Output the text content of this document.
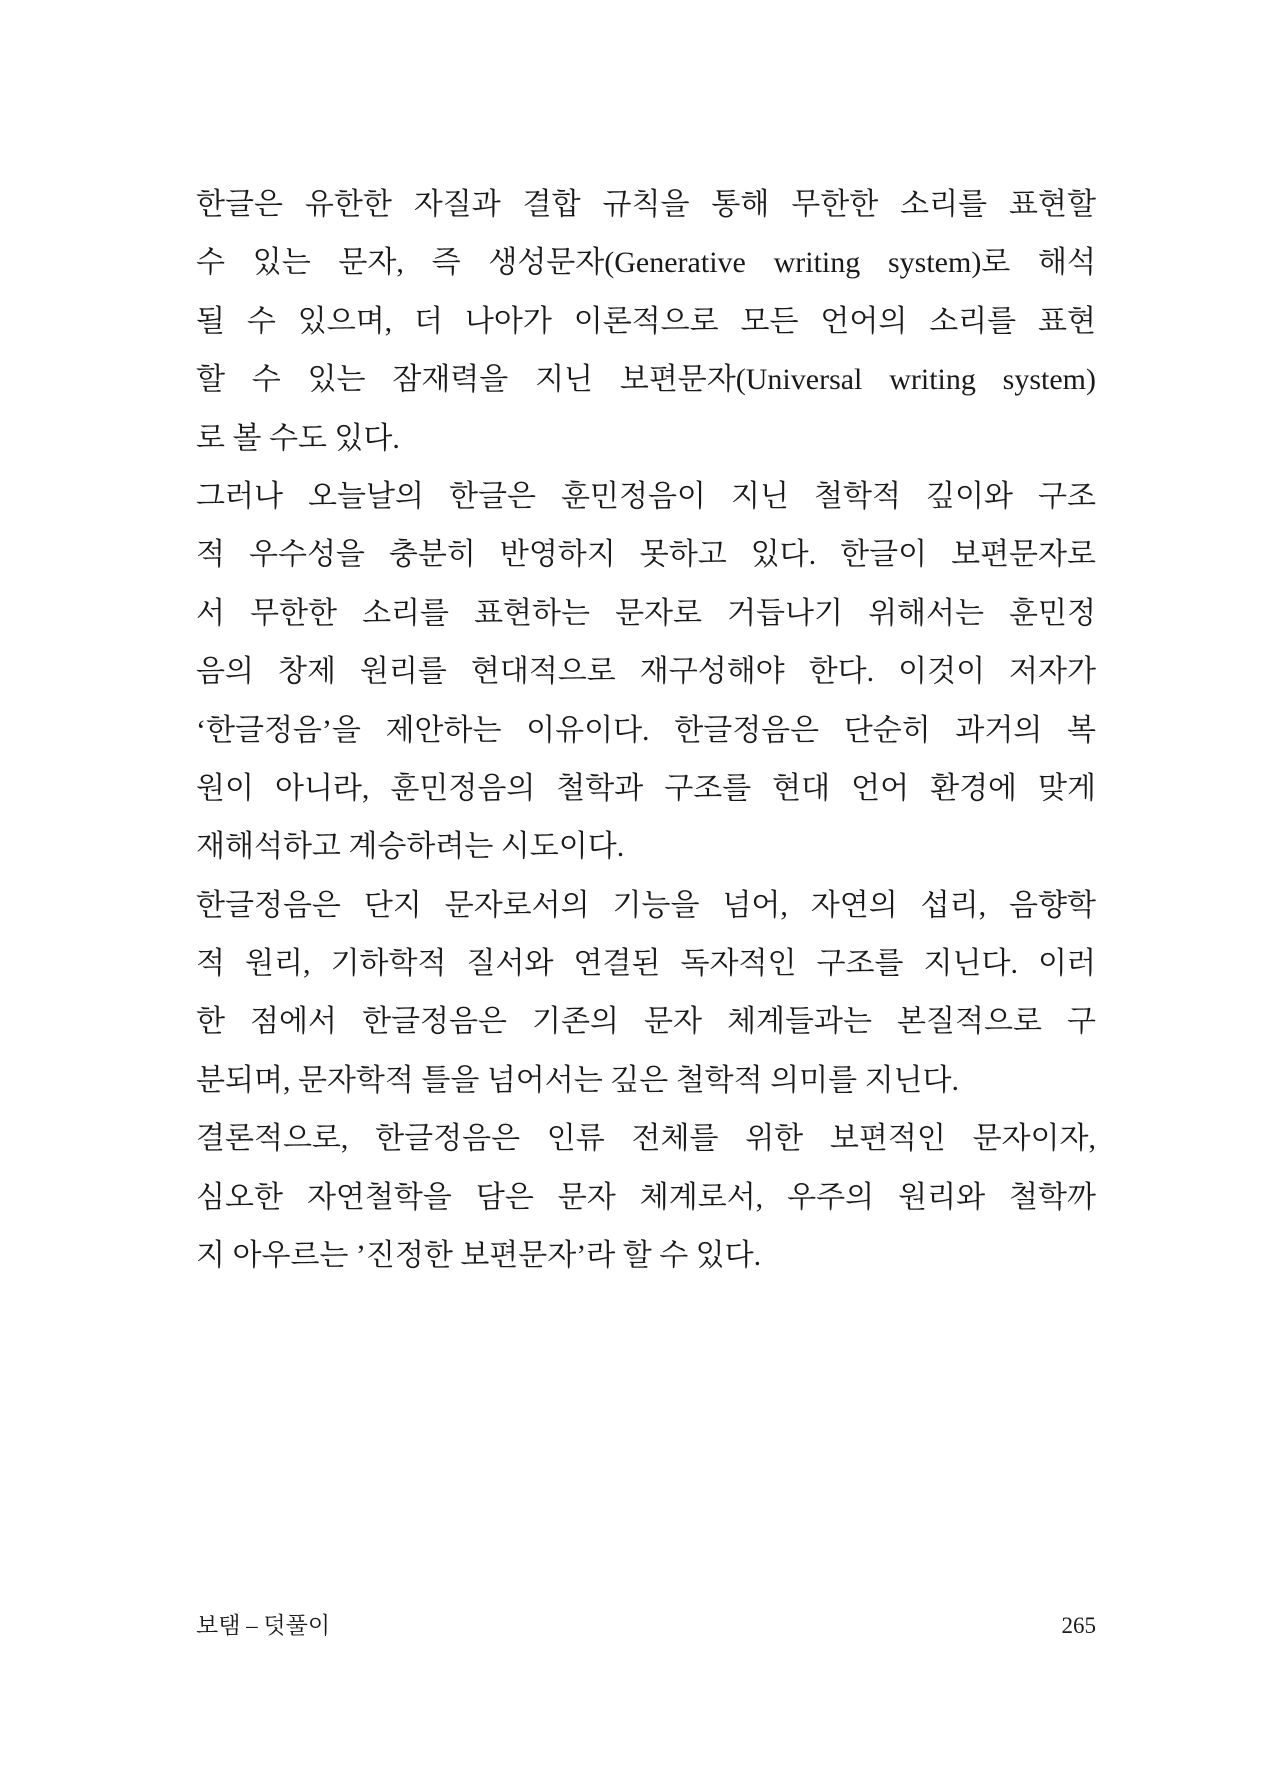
한글은 유한한 자질과 결합 규칙을 통해 무한한 소리를 표현할
수 있는 문자, 즉 생성문자(Generative writing system)로 해석
될 수 있으며, 더 나아가 이론적으로 모든 언어의 소리를 표현
할 수 있는 잠재력을 지닌 보편문자(Universal writing system)
로 볼 수도 있다.
그러나 오늘날의 한글은 훈민정음이 지닌 철학적 깊이와 구조
적 우수성을 충분히 반영하지 못하고 있다. 한글이 보편문자로
서 무한한 소리를 표현하는 문자로 거듭나기 위해서는 훈민정
음의 창제 원리를 현대적으로 재구성해야 한다. 이것이 저자가
‘한글정음’을 제안하는 이유이다. 한글정음은 단순히 과거의 복
원이 아니라, 훈민정음의 철학과 구조를 현대 언어 환경에 맞게
재해석하고 계승하려는 시도이다.
한글정음은 단지 문자로서의 기능을 넘어, 자연의 섭리, 음향학
적 원리, 기하학적 질서와 연결된 독자적인 구조를 지닌다. 이러
한 점에서 한글정음은 기존의 문자 체계들과는 본질적으로 구
분되며, 문자학적 틀을 넘어서는 깊은 철학적 의미를 지닌다.
결론적으로, 한글정음은 인류 전체를 위한 보편적인 문자이자,
심오한 자연철학을 담은 문자 체계로서, 우주의 원리와 철학까
지 아우르는 ’진정한 보편문자’라 할 수 있다.
보탬 – 덧풀이	265
